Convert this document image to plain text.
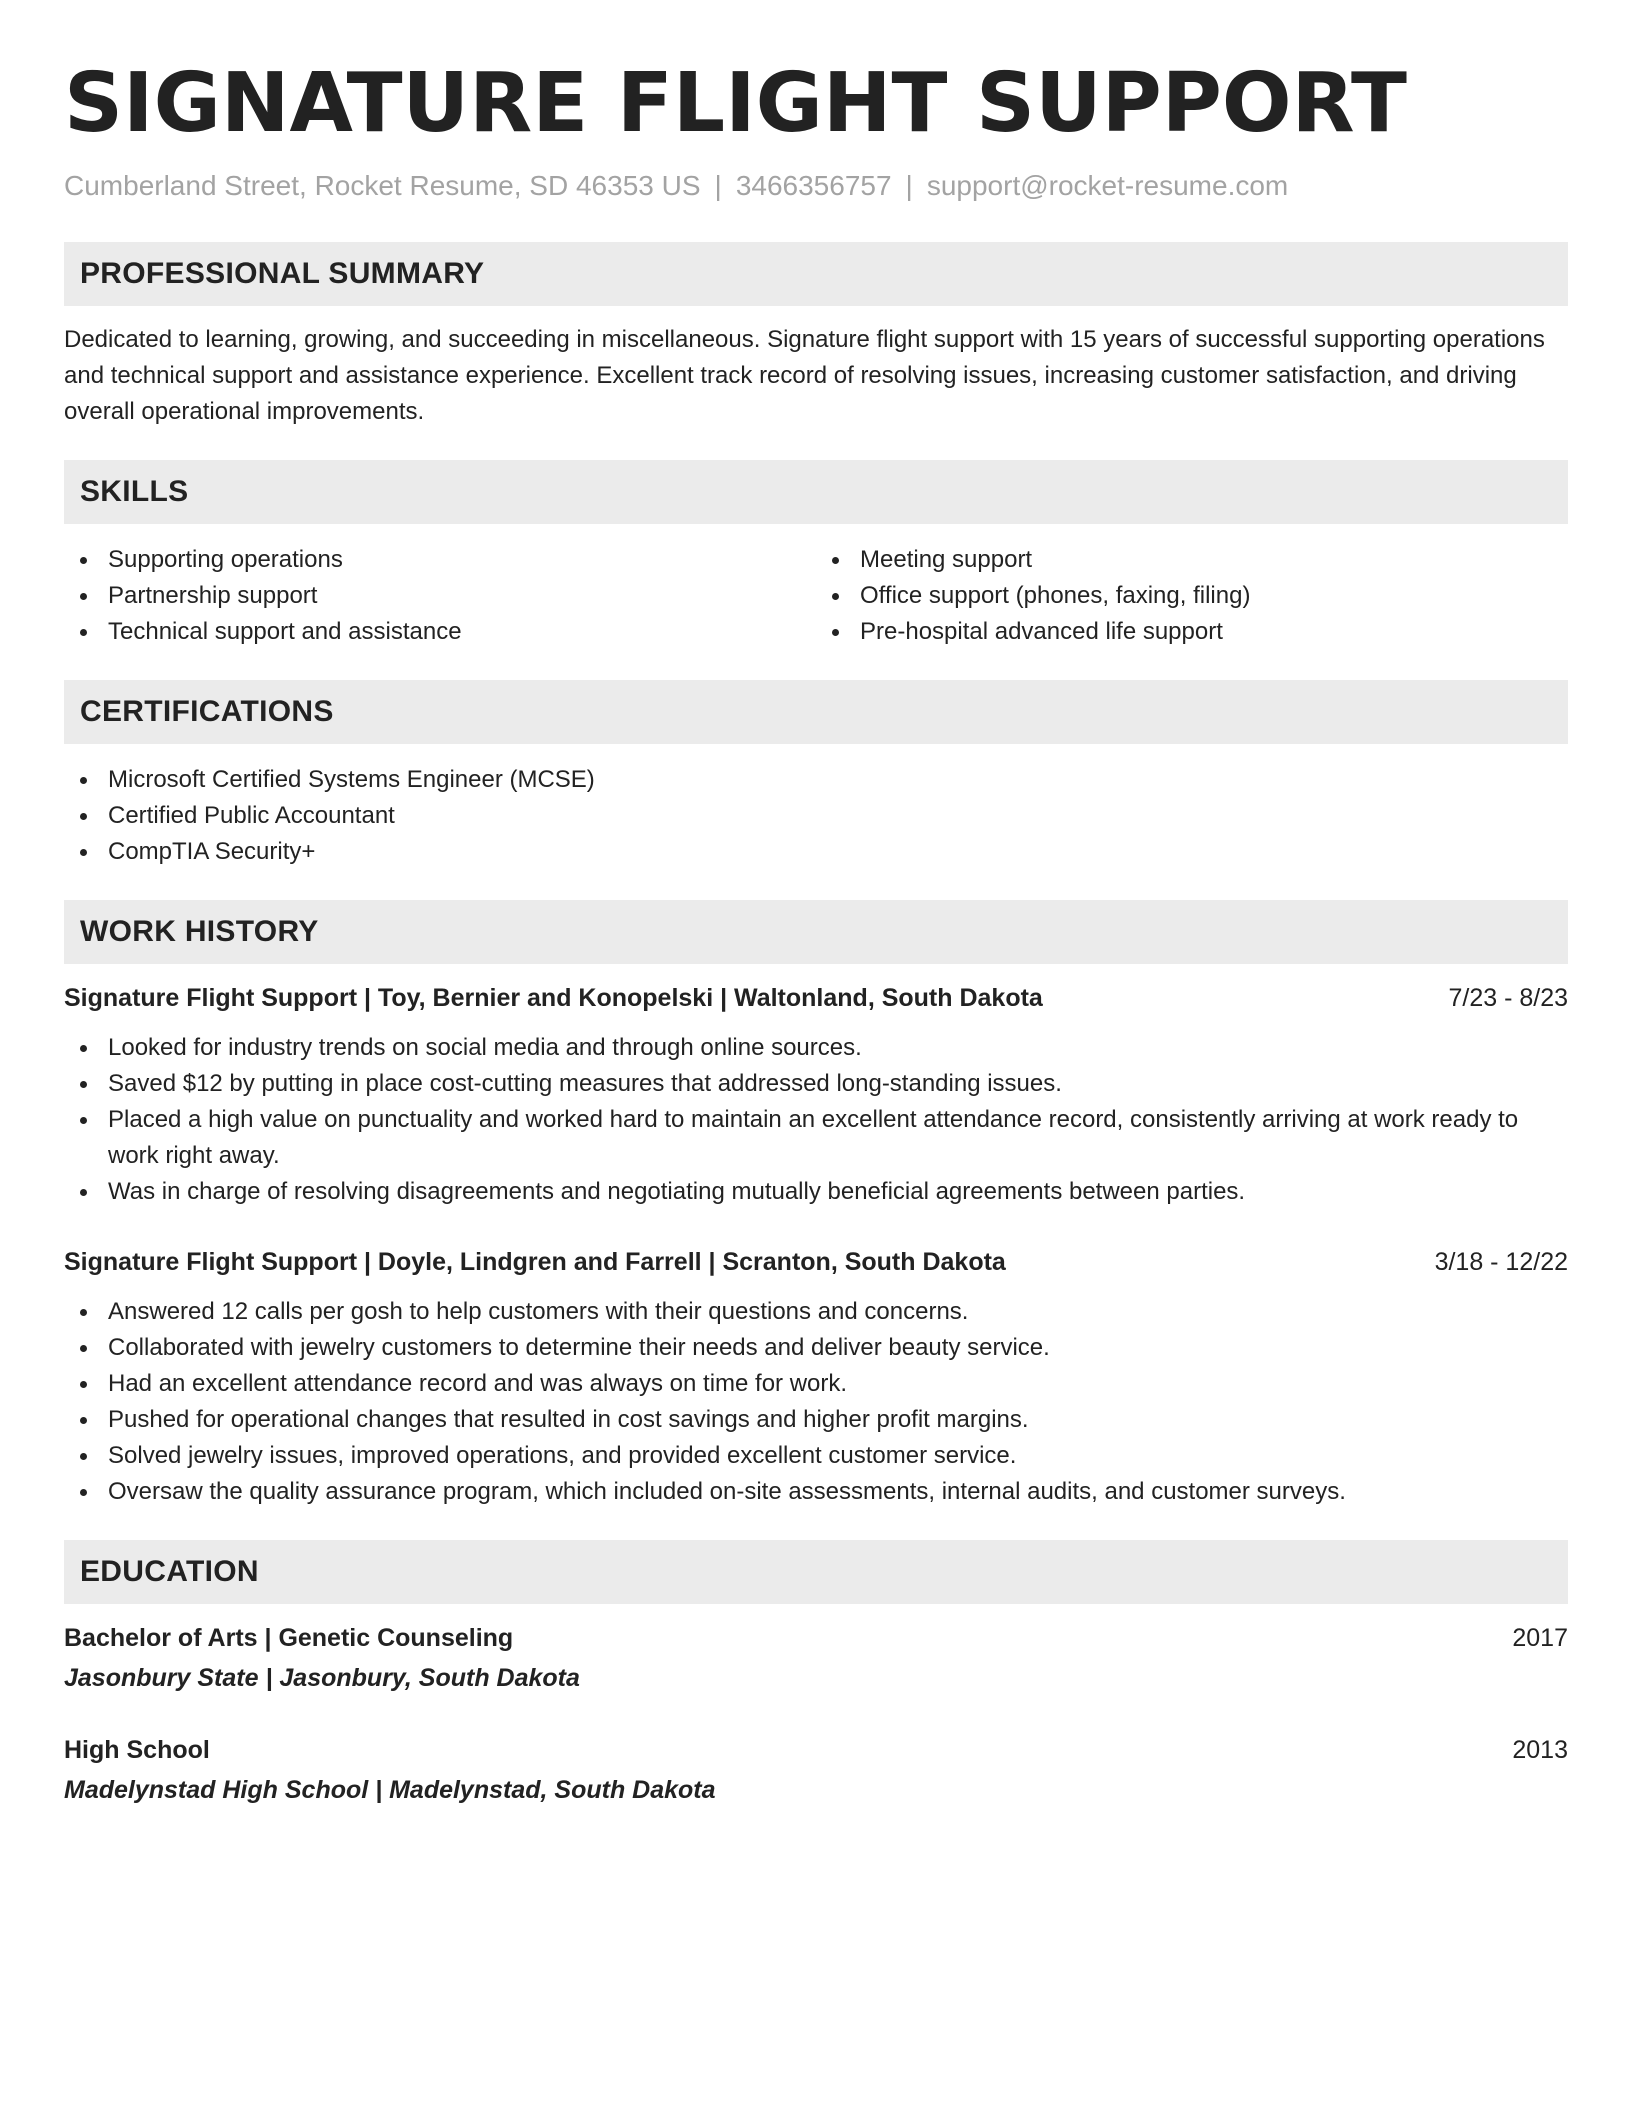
SIGNATURE FLIGHT SUPPORT
Cumberland Street, Rocket Resume, SD 46353 US | 3466356757 | support@rocket-resume.com
PROFESSIONAL SUMMARY

Dedicated to learning, growing, and succeeding in miscellaneous. Signature flight support with 15 years of successful supporting operations and technical support and assistance experience. Excellent track record of resolving issues, increasing customer satisfaction, and driving overall operational improvements.

SKILLS
Supporting operations
Partnership support
Technical support and assistance
Meeting support
Office support (phones, faxing, filing)
Pre-hospital advanced life support
CERTIFICATIONS
Microsoft Certified Systems Engineer (MCSE)
Certified Public Accountant
CompTIA Security+
WORK HISTORY
Signature Flight Support | Toy, Bernier and Konopelski | Waltonland, South Dakota	7/23 - 8/23
Looked for industry trends on social media and through online sources.
Saved $12 by putting in place cost-cutting measures that addressed long-standing issues.
Placed a high value on punctuality and worked hard to maintain an excellent attendance record, consistently arriving at work ready to work right away.
Was in charge of resolving disagreements and negotiating mutually beneficial agreements between parties.
Signature Flight Support | Doyle, Lindgren and Farrell | Scranton, South Dakota	3/18 - 12/22
Answered 12 calls per gosh to help customers with their questions and concerns.
Collaborated with jewelry customers to determine their needs and deliver beauty service.
Had an excellent attendance record and was always on time for work.
Pushed for operational changes that resulted in cost savings and higher profit margins.
Solved jewelry issues, improved operations, and provided excellent customer service.
Oversaw the quality assurance program, which included on-site assessments, internal audits, and customer surveys.
EDUCATION
Bachelor of Arts | Genetic Counseling	2017
Jasonbury State | Jasonbury, South Dakota
High School	2013
Madelynstad High School | Madelynstad, South Dakota
